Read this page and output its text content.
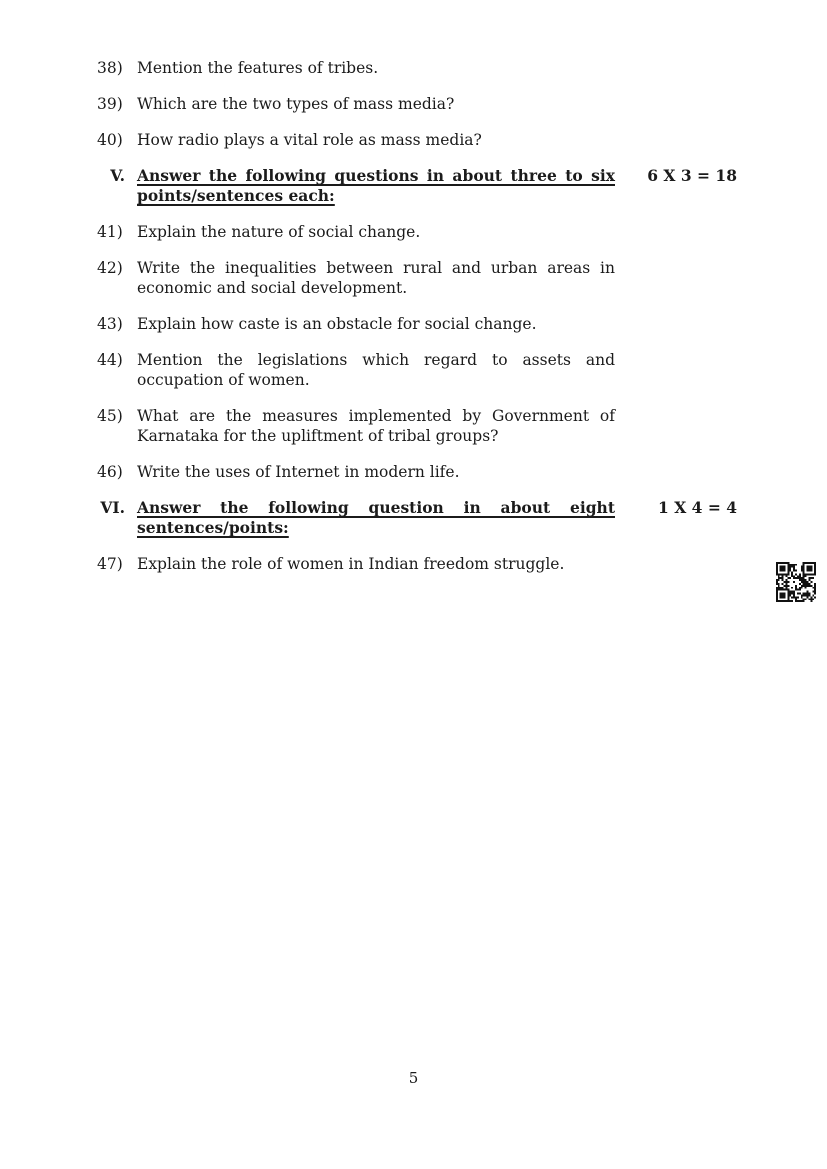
38) Mention the features of tribes.
39) Which are the two types of mass media?
40) How radio plays a vital role as mass media?
V. Answer the following questions in about three to six points/sentences each:
6 X 3 = 18
41) Explain the nature of social change.
42) Write the inequalities between rural and urban areas in economic and social development.
43) Explain how caste is an obstacle for social change.
44) Mention the legislations which regard to assets and occupation of women.
45) What are the measures implemented by Government of Karnataka for the upliftment of tribal groups?
46) Write the uses of Internet in modern life.
VI. Answer the following question in about eight sentences/points:
1 X 4 = 4
47) Explain the role of women in Indian freedom struggle.
5
